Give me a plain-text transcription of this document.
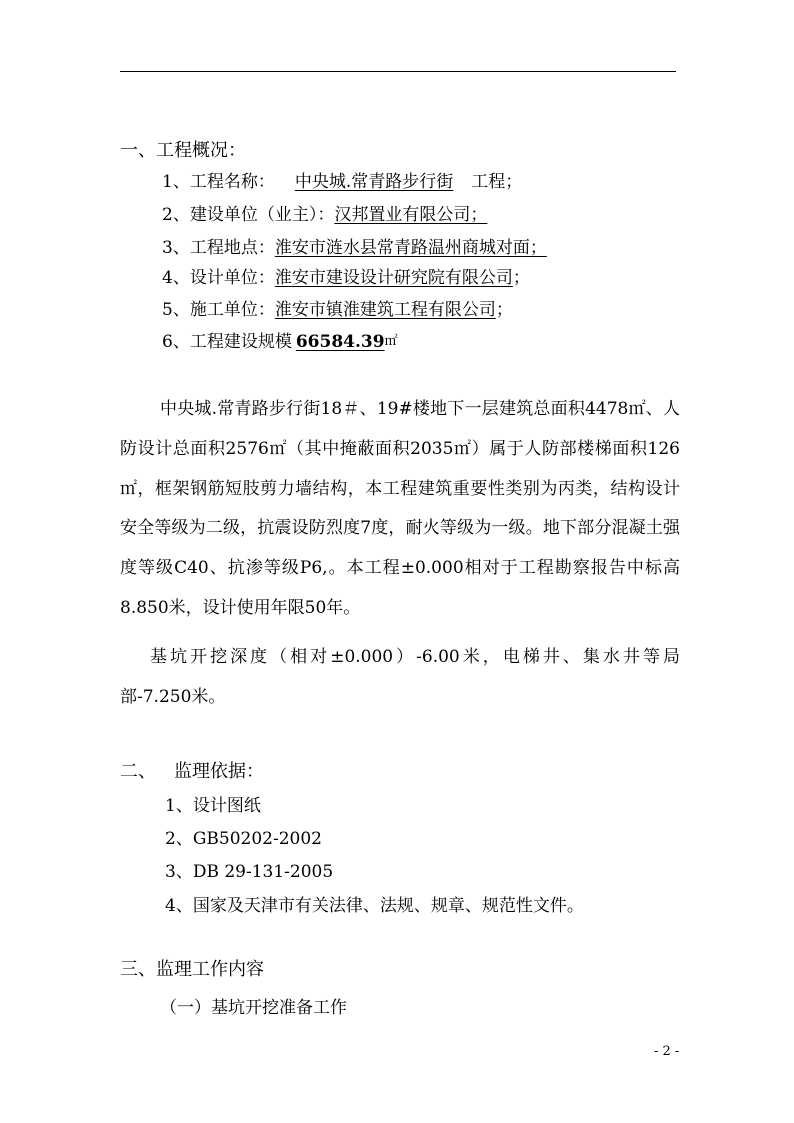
一、工程概况：
1、工程名称： 中央城.常青路步行街 工程；
2、建设单位（业主）：汉邦置业有限公司；
3、工程地点：淮安市涟水县常青路温州商城对面；
4、设计单位：淮安市建设设计研究院有限公司；
5、施工单位：淮安市镇淮建筑工程有限公司；
6、工程建设规模 66584.39㎡
中央城.常青路步行街18＃、19#楼地下一层建筑总面积4478㎡、人防设计总面积2576㎡（其中掩蔽面积2035㎡）属于人防部楼梯面积126㎡，框架钢筋短肢剪力墙结构，本工程建筑重要性类别为丙类，结构设计安全等级为二级，抗震设防烈度7度，耐火等级为一级。地下部分混凝土强度等级C40、抗渗等级P6,。本工程±0.000相对于工程勘察报告中标高8.850米，设计使用年限50年。
基坑开挖深度（相对±0.000）-6.00米，电梯井、集水井等局部-7.250米。
二、 监理依据：
1、设计图纸
2、GB50202-2002
3、DB 29-131-2005
4、国家及天津市有关法律、法规、规章、规范性文件。
三、监理工作内容
（一）基坑开挖准备工作
- 2 -
